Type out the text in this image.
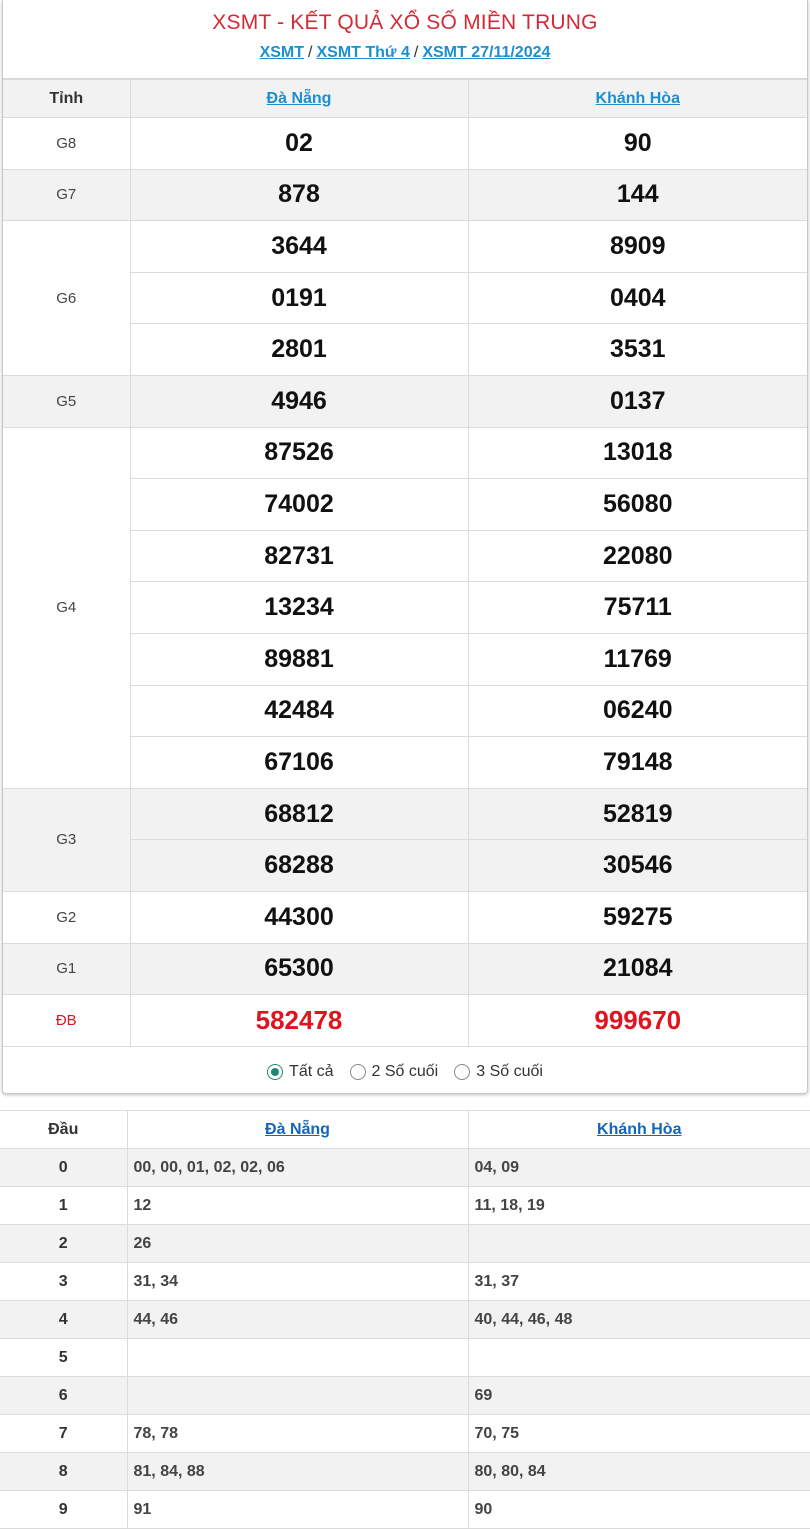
XSMT - KẾT QUẢ XỔ SỐ MIỀN TRUNG
XSMT / XSMT Thứ 4 / XSMT 27/11/2024
Tỉnh	Đà Nẵng	Khánh Hòa
G8	02	90
G7	878	144
G6	3644	8909
	0191	0404
	2801	3531
G5	4946	0137
G4	87526	13018
	74002	56080
	82731	22080
	13234	75711
	89881	11769
	42484	06240
	67106	79148
G3	68812	52819
	68288	30546
G2	44300	59275
G1	65300	21084
ĐB	582478	999670
Tất cả 2 Số cuối 3 Số cuối
Đầu	Đà Nẵng	Khánh Hòa
0	00, 00, 01, 02, 02, 06	04, 09
1	12	11, 18, 19
2	26	
3	31, 34	31, 37
4	44, 46	40, 44, 46, 48
5		
6		69
7	78, 78	70, 75
8	81, 84, 88	80, 80, 84
9	91	90
